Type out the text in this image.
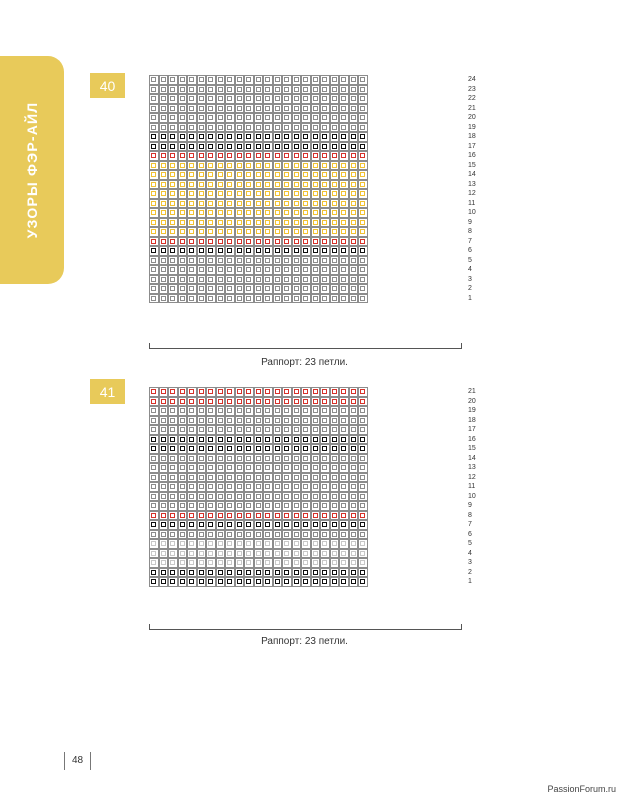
УЗОРЫ ФЭР-АЙЛ
40	24
23
22
21
20
19
18
17
16
15
14
13
12
11
10
9
8
7
6
5
4
3
2
1
Раппорт: 23 петли.
41	21
20
19
18
17
16
15
14
13
12
11
10
9
8
7
6
5
4
3
2
1
Раппорт: 23 петли.
48
PassionForum.ru
